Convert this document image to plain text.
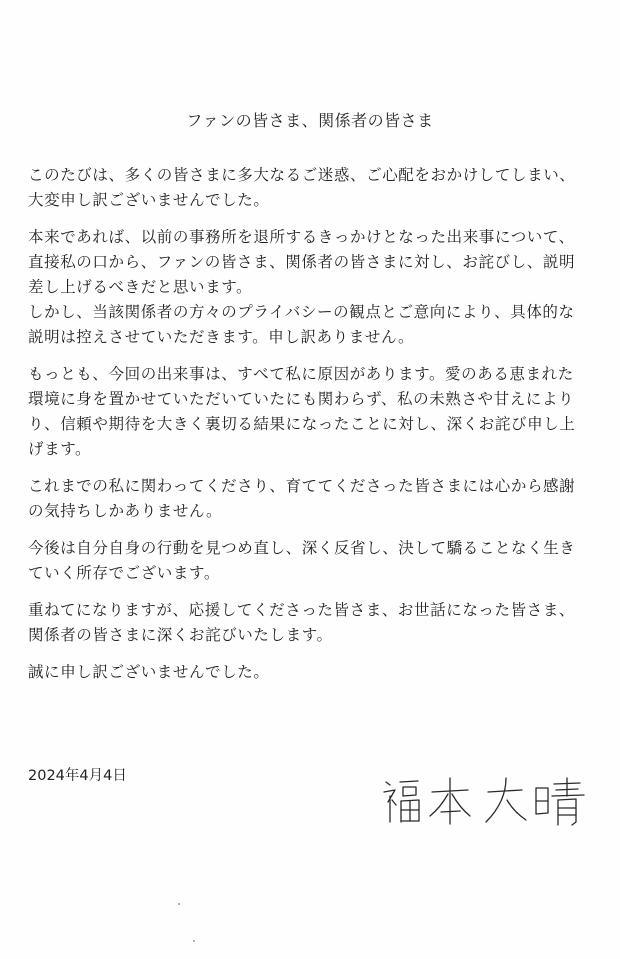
ファンの皆さま、関係者の皆さま
このたびは、多くの皆さまに多大なるご迷惑、ご心配をおかけしてしまい、
大変申し訳ございませんでした。
本来であれば、以前の事務所を退所するきっかけとなった出来事について、
直接私の口から、ファンの皆さま、関係者の皆さまに対し、お詫びし、説明
差し上げるべきだと思います。
しかし、当該関係者の方々のプライバシーの観点とご意向により、具体的な
説明は控えさせていただきます。申し訳ありません。
もっとも、今回の出来事は、すべて私に原因があります。愛のある恵まれた
環境に身を置かせていただいていたにも関わらず、私の未熟さや甘えにより
り、信頼や期待を大きく裏切る結果になったことに対し、深くお詫び申し上
げます。
これまでの私に関わってくださり、育ててくださった皆さまには心から感謝
の気持ちしかありません。
今後は自分自身の行動を見つめ直し、深く反省し、決して驕ることなく生き
ていく所存でございます。
重ねてになりますが、応援してくださった皆さま、お世話になった皆さま、
関係者の皆さまに深くお詫びいたします。
誠に申し訳ございませんでした。
2024年4月4日
